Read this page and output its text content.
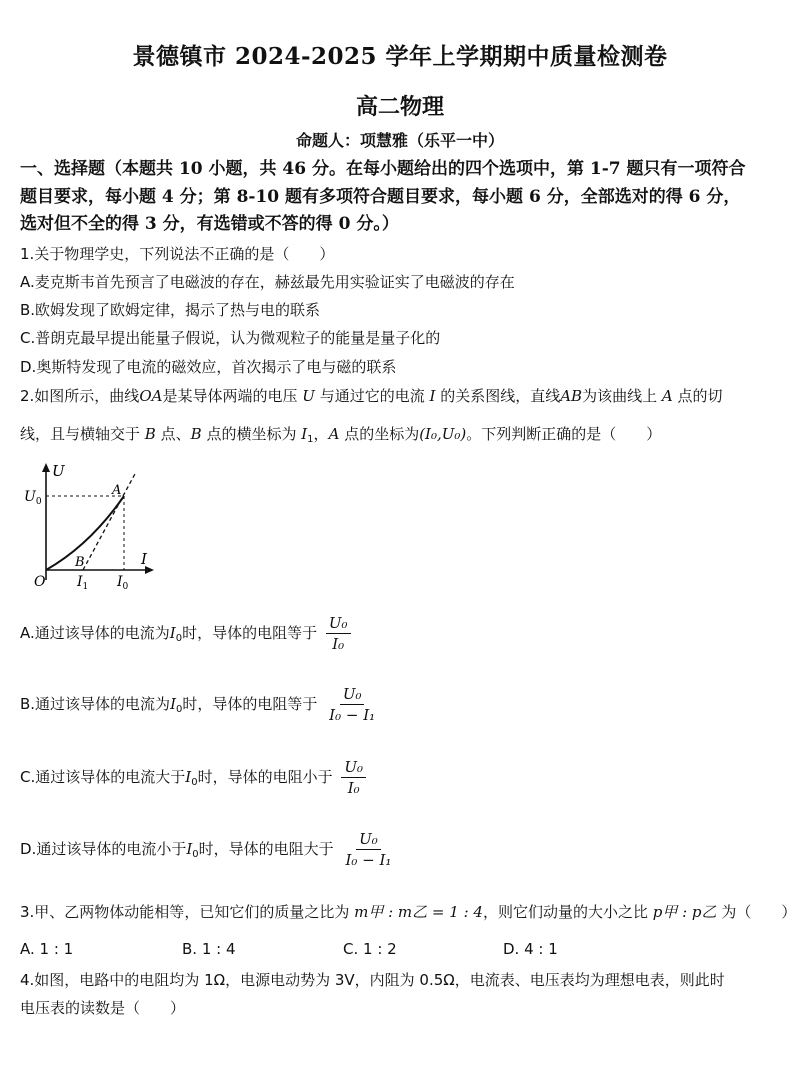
景德镇市 2024-2025 学年上学期期中质量检测卷
高二物理
命题人：项慧雅（乐平一中）
一、选择题（本题共 10 小题，共 46 分。在每小题给出的四个选项中，第 1-7 题只有一项符合
题目要求，每小题 4 分；第 8-10 题有多项符合题目要求，每小题 6 分，全部选对的得 6 分，
选对但不全的得 3 分，有选错或不答的得 0 分。）
1.关于物理学史，下列说法不正确的是（　　）
A.麦克斯韦首先预言了电磁波的存在，赫兹最先用实验证实了电磁波的存在
B.欧姆发现了欧姆定律，揭示了热与电的联系
C.普朗克最早提出能量子假说，认为微观粒子的能量是量子化的
D.奥斯特发现了电流的磁效应，首次揭示了电与磁的联系
2.如图所示，曲线OA是某导体两端的电压 U 与通过它的电流 I 的关系图线，直线AB为该曲线上 A 点的切
线，且与横轴交于 B 点、B 点的横坐标为 $I_1$，A 点的坐标为(I₀,U₀)。下列判断正确的是（　　）
U
I
$U_0$
O
B
A
$I_1$ $I_0$
A.通过该导体的电流为$I_0$时，导体的电阻等于 $\frac{\text{U₀}}{\text{I₀}}$
B.通过该导体的电流为$I_0$时，导体的电阻等于 $\frac{\text{U₀}}{\text{I₀ − I₁}}$
C.通过该导体的电流大于$I_0$时，导体的电阻小于 $\frac{\text{U₀}}{\text{I₀}}$
D.通过该导体的电流小于$I_0$时，导体的电阻大于 $\frac{\text{U₀}}{\text{I₀ − I₁}}$
3.甲、乙两物体动能相等，已知它们的质量之比为 m甲 : m乙 = 1 : 4，则它们动量的大小之比 p甲 : p乙 为（　　）
A. 1 : 1	B. 1 : 4	C. 1 : 2	D. 4 : 1
4.如图，电路中的电阻均为 1Ω，电源电动势为 3V，内阻为 0.5Ω，电流表、电压表均为理想电表，则此时
电压表的读数是（　　）
